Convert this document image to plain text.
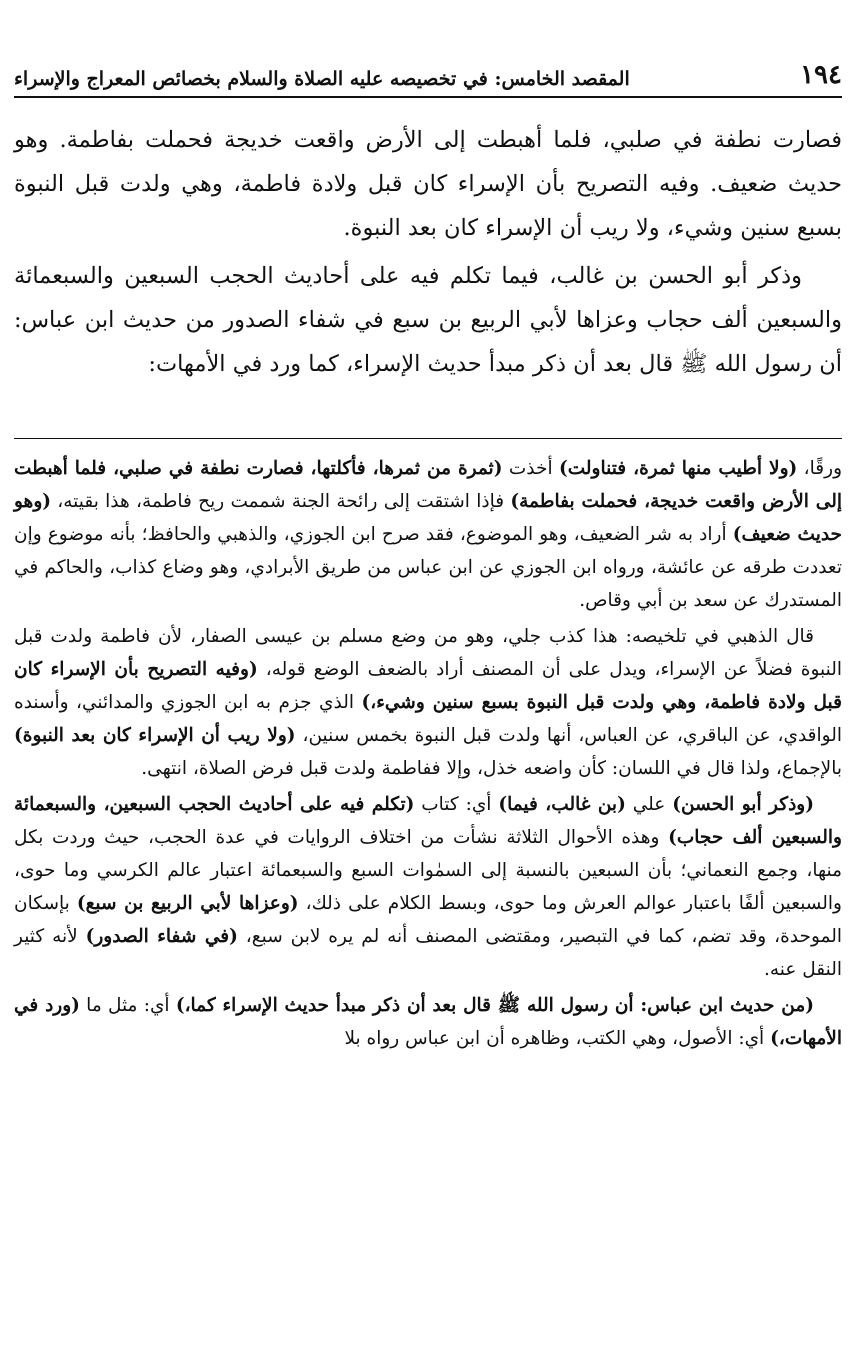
١٩٤
المقصد الخامس: في تخصيصه عليه الصلاة والسلام بخصائص المعراج والإسراء

فصارت نطفة في صلبي، فلما أهبطت إلى الأرض واقعت خديجة فحملت بفاطمة. وهو حديث ضعيف. وفيه التصريح بأن الإسراء كان قبل ولادة فاطمة، وهي ولدت قبل النبوة بسبع سنين وشيء، ولا ريب أن الإسراء كان بعد النبوة.

وذكر أبو الحسن بن غالب، فيما تكلم فيه على أحاديث الحجب السبعين والسبعمائة والسبعين ألف حجاب وعزاها لأبي الربيع بن سبع في شفاء الصدور من حديث ابن عباس: أن رسول الله ﷺ قال بعد أن ذكر مبدأ حديث الإسراء، كما ورد في الأمهات:

ورقًا، (ولا أطيب منها ثمرة، فتناولت) أخذت (ثمرة من ثمرها، فأكلتها، فصارت نطفة في صلبي، فلما أهبطت إلى الأرض واقعت خديجة، فحملت بفاطمة) فإذا اشتقت إلى رائحة الجنة شممت ريح فاطمة، هذا بقيته، (وهو حديث ضعيف) أراد به شر الضعيف، وهو الموضوع، فقد صرح ابن الجوزي، والذهبي والحافظ؛ بأنه موضوع وإن تعددت طرقه عن عائشة، ورواه ابن الجوزي عن ابن عباس من طريق الأبرادي، وهو وضاع كذاب، والحاكم في المستدرك عن سعد بن أبي وقاص.

قال الذهبي في تلخيصه: هذا كذب جلي، وهو من وضع مسلم بن عيسى الصفار، لأن فاطمة ولدت قبل النبوة فضلاً عن الإسراء، ويدل على أن المصنف أراد بالضعف الوضع قوله، (وفيه التصريح بأن الإسراء كان قبل ولادة فاطمة، وهي ولدت قبل النبوة بسبع سنين وشيء،) الذي جزم به ابن الجوزي والمدائني، وأسنده الواقدي، عن الباقري، عن العباس، أنها ولدت قبل النبوة بخمس سنين، (ولا ريب أن الإسراء كان بعد النبوة) بالإجماع، ولذا قال في اللسان: كأن واضعه خذل، وإلا ففاطمة ولدت قبل فرض الصلاة، انتهى.

(وذكر أبو الحسن) علي (بن غالب، فيما) أي: كتاب (تكلم فيه على أحاديث الحجب السبعين، والسبعمائة والسبعين ألف حجاب) وهذه الأحوال الثلاثة نشأت من اختلاف الروايات في عدة الحجب، حيث وردت بكل منها، وجمع النعماني؛ بأن السبعين بالنسبة إلى السمٰوات السبع والسبعمائة اعتبار عالم الكرسي وما حوى، والسبعين ألفًا باعتبار عوالم العرش وما حوى، وبسط الكلام على ذلك، (وعزاها لأبي الربيع بن سبع) بإسكان الموحدة، وقد تضم، كما في التبصير، ومقتضى المصنف أنه لم يره لابن سبع، (في شفاء الصدور) لأنه كثير النقل عنه.

(من حديث ابن عباس: أن رسول الله ﷺ قال بعد أن ذكر مبدأ حديث الإسراء كما،) أي: مثل ما (ورد في الأمهات،) أي: الأصول، وهي الكتب، وظاهره أن ابن عباس رواه بلا
